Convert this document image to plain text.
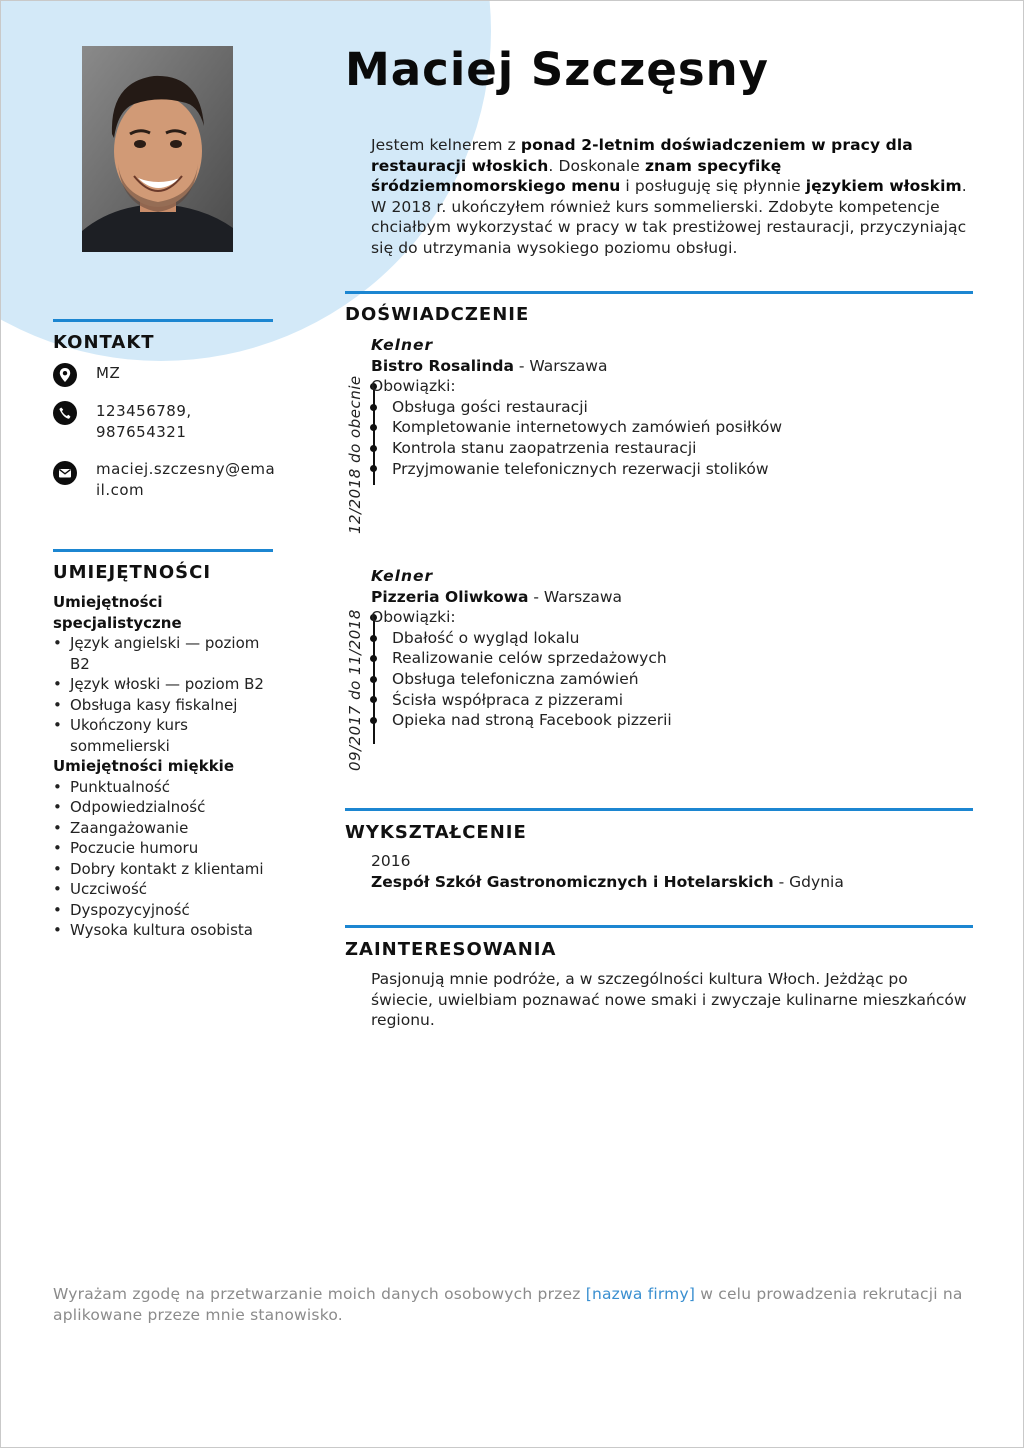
Maciej Szczęsny
Jestem kelnerem z ponad 2-letnim doświadczeniem w pracy dla restauracji włoskich. Doskonale znam specyfikę śródziemnomorskiego menu i posługuję się płynnie językiem włoskim. W 2018 r. ukończyłem również kurs sommelierski. Zdobyte kompetencje chciałbym wykorzystać w pracy w tak prestiżowej restauracji, przyczyniając się do utrzymania wysokiego poziomu obsługi.
KONTAKT
MZ
123456789,
987654321
maciej.szczesny@ema
il.com
UMIEJĘTNOŚCI
Umiejętności specjalistyczne
• Język angielski — poziom B2
• Język włoski — poziom B2
• Obsługa kasy fiskalnej
• Ukończony kurs sommelierski
Umiejętności miękkie
• Punktualność
• Odpowiedzialność
• Zaangażowanie
• Poczucie humoru
• Dobry kontakt z klientami
• Uczciwość
• Dyspozycyjność
• Wysoka kultura osobista
DOŚWIADCZENIE
12/2018 do obecnie
Kelner
Bistro Rosalinda - Warszawa
Obowiązki:
Obsługa gości restauracji
Kompletowanie internetowych zamówień posiłków
Kontrola stanu zaopatrzenia restauracji
Przyjmowanie telefonicznych rezerwacji stolików
09/2017 do 11/2018
Kelner
Pizzeria Oliwkowa - Warszawa
Obowiązki:
Dbałość o wygląd lokalu
Realizowanie celów sprzedażowych
Obsługa telefoniczna zamówień
Ścisła współpraca z pizzerami
Opieka nad stroną Facebook pizzerii
WYKSZTAŁCENIE
2016
Zespół Szkół Gastronomicznych i Hotelarskich - Gdynia
ZAINTERESOWANIA
Pasjonują mnie podróże, a w szczególności kultura Włoch. Jeżdżąc po świecie, uwielbiam poznawać nowe smaki i zwyczaje kulinarne mieszkańców regionu.
Wyrażam zgodę na przetwarzanie moich danych osobowych przez [nazwa firmy] w celu prowadzenia rekrutacji na aplikowane przeze mnie stanowisko.
